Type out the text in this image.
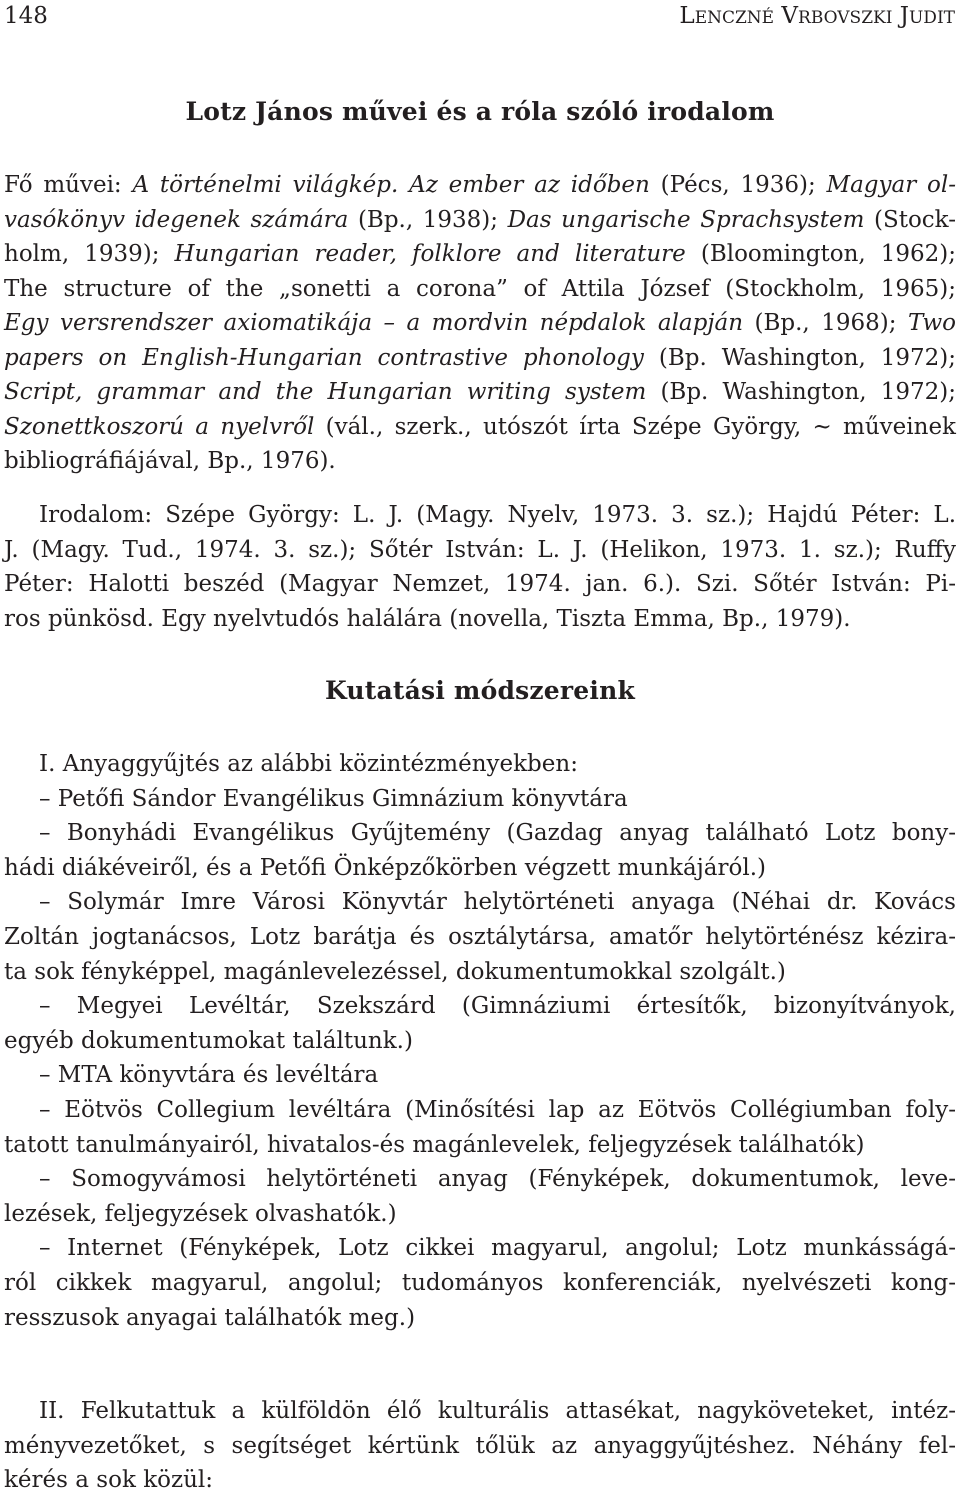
148	LENCZNÉ VRBOVSZKI JUDIT
Lotz János művei és a róla szóló irodalom
Fő művei: A történelmi világkép. Az ember az időben (Pécs, 1936); Magyar ol-
vasókönyv idegenek számára (Bp., 1938); Das ungarische Sprachsystem (Stock-
holm, 1939); Hungarian reader, folklore and literature (Bloomington, 1962);
The structure of the „sonetti a corona” of Attila József (Stockholm, 1965);
Egy versrendszer axiomatikája – a mordvin népdalok alapján (Bp., 1968); Two
papers on English-Hungarian contrastive phonology (Bp. Washington, 1972);
Script, grammar and the Hungarian writing system (Bp. Washington, 1972);
Szonettkoszorú a nyelvről (vál., szerk., utószót írta Szépe György, ~ műveinek
bibliográfiájával, Bp., 1976).
Irodalom: Szépe György: L. J. (Magy. Nyelv, 1973. 3. sz.); Hajdú Péter: L.
J. (Magy. Tud., 1974. 3. sz.); Sőtér István: L. J. (Helikon, 1973. 1. sz.); Ruffy
Péter: Halotti beszéd (Magyar Nemzet, 1974. jan. 6.). Szi. Sőtér István: Pi-
ros pünkösd. Egy nyelvtudós halálára (novella, Tiszta Emma, Bp., 1979).
Kutatási módszereink
I. Anyaggyűjtés az alábbi közintézményekben:
– Petőfi Sándor Evangélikus Gimnázium könyvtára
– Bonyhádi Evangélikus Gyűjtemény (Gazdag anyag található Lotz bony-
hádi diákéveiről, és a Petőfi Önképzőkörben végzett munkájáról.)
– Solymár Imre Városi Könyvtár helytörténeti anyaga (Néhai dr. Kovács
Zoltán jogtanácsos, Lotz barátja és osztálytársa, amatőr helytörténész kézira-
ta sok fényképpel, magánlevelezéssel, dokumentumokkal szolgált.)
– Megyei Levéltár, Szekszárd (Gimnáziumi értesítők, bizonyítványok,
egyéb dokumentumokat találtunk.)
– MTA könyvtára és levéltára
– Eötvös Collegium levéltára (Minősítési lap az Eötvös Collégiumban foly-
tatott tanulmányairól, hivatalos-és magánlevelek, feljegyzések találhatók)
– Somogyvámosi helytörténeti anyag (Fényképek, dokumentumok, leve-
lezések, feljegyzések olvashatók.)
– Internet (Fényképek, Lotz cikkei magyarul, angolul; Lotz munkásságá-
ról cikkek magyarul, angolul; tudományos konferenciák, nyelvészeti kong-
resszusok anyagai találhatók meg.)
II. Felkutattuk a külföldön élő kulturális attasékat, nagyköveteket, intéz-
ményvezetőket, s segítséget kértünk tőlük az anyaggyűjtéshez. Néhány fel-
kérés a sok közül:
